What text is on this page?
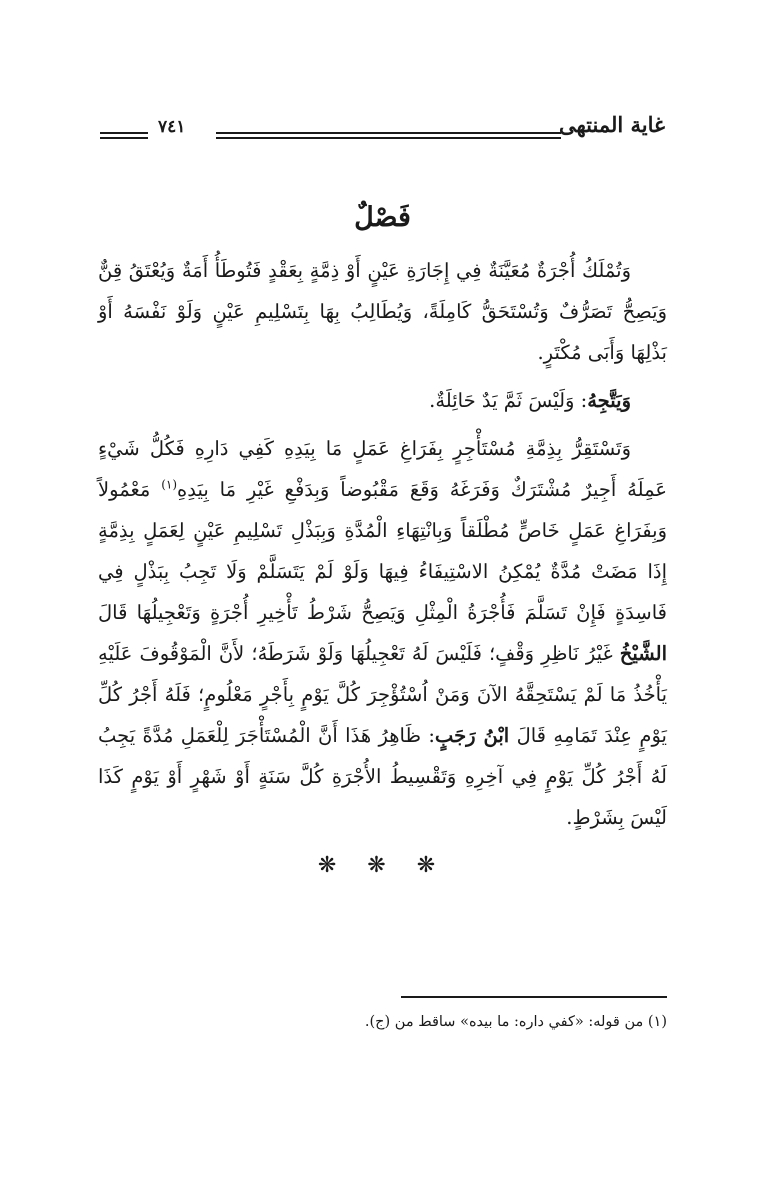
غاية المنتهى
٧٤١
فَصْلٌ

وَتُمْلَكُ أُجْرَةٌ مُعَيَّنَةٌ فِي إِجَارَةِ عَيْنٍ أَوْ ذِمَّةٍ بِعَقْدٍ فَتُوطَأُ أَمَةٌ وَيُعْتَقُ قِنٌّ وَيَصِحُّ تَصَرُّفٌ وَتُسْتَحَقُّ كَامِلَةً، وَيُطَالِبُ بِهَا بِتَسْلِيمِ عَيْنٍ وَلَوْ نَفْسَهُ أَوْ بَذْلِهَا وَأَبَى مُكْتَرٍ.

وَيَتَّجِهُ: وَلَيْسَ ثَمَّ يَدٌ حَائِلَةٌ.

وَتَسْتَقِرُّ بِذِمَّةِ مُسْتَأْجِرٍ بِفَرَاغِ عَمَلٍ مَا بِيَدِهِ كَفِي دَارِهِ فَكُلُّ شَيْءٍ عَمِلَهُ أَجِيرٌ مُشْتَرَكٌ وَفَرَغَهُ وَقَعَ مَقْبُوضاً وَبِدَفْعِ غَيْرِ مَا بِيَدِهِ$^{(١)}$ مَعْمُولاً وَبِفَرَاغِ عَمَلٍ خَاصٍّ مُطْلَقاً وَبِانْتِهَاءِ الْمُدَّةِ وَبِبَذْلِ تَسْلِيمِ عَيْنٍ لِعَمَلٍ بِذِمَّةٍ إِذَا مَضَتْ مُدَّةٌ يُمْكِنُ الاسْتِيفَاءُ فِيهَا وَلَوْ لَمْ يَتَسَلَّمْ وَلَا تَجِبُ بِبَذْلٍ فِي فَاسِدَةٍ فَإِنْ تَسَلَّمَ فَأُجْرَةُ الْمِثْلِ وَيَصِحُّ شَرْطُ تَأْخِيرِ أُجْرَةٍ وَتَعْجِيلُهَا قَالَ الشَّيْخُ غَيْرُ نَاظِرِ وَقْفٍ؛ فَلَيْسَ لَهُ تَعْجِيلُهَا وَلَوْ شَرَطَهُ؛ لأَنَّ الْمَوْقُوفَ عَلَيْهِ يَأْخُذُ مَا لَمْ يَسْتَحِقَّهُ الآنَ وَمَنْ اُسْتُؤْجِرَ كُلَّ يَوْمٍ بِأَجْرٍ مَعْلُومٍ؛ فَلَهُ أَجْرُ كُلِّ يَوْمٍ عِنْدَ تَمَامِهِ قَالَ ابْنُ رَجَبٍ: ظَاهِرُ هَذَا أَنَّ الْمُسْتَأْجَرَ لِلْعَمَلِ مُدَّةً يَجِبُ لَهُ أَجْرُ كُلِّ يَوْمٍ فِي آخِرِهِ وَتَقْسِيطُ الأُجْرَةِ كُلَّ سَنَةٍ أَوْ شَهْرٍ أَوْ يَوْمٍ كَذَا لَيْسَ بِشَرْطٍ.

❋ ❋ ❋
(١) من قوله: «كفي داره: ما بيده» ساقط من (ج).
